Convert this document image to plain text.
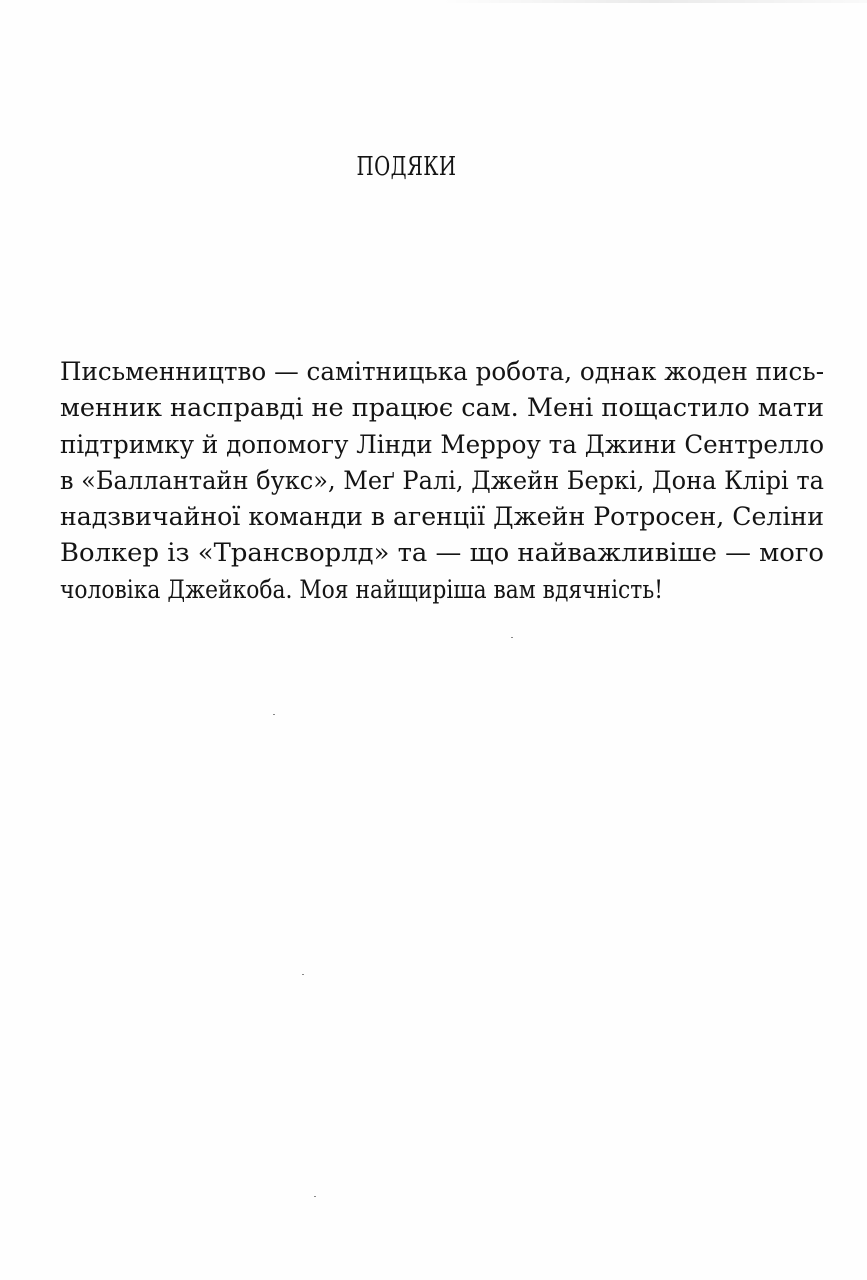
ПОДЯКИ
Письменництво — самітницька робота, однак жоден пись-
менник насправді не працює сам. Мені пощастило мати
підтримку й допомогу Лінди Мерроу та Джини Сентрелло
в «Баллантайн букс», Меґ Ралі, Джейн Беркі, Дона Клірі та
надзвичайної команди в агенції Джейн Ротросен, Селіни
Волкер із «Трансворлд» та — що найважливіше — мого
чоловіка Джейкоба. Моя найщиріша вам вдячність!
